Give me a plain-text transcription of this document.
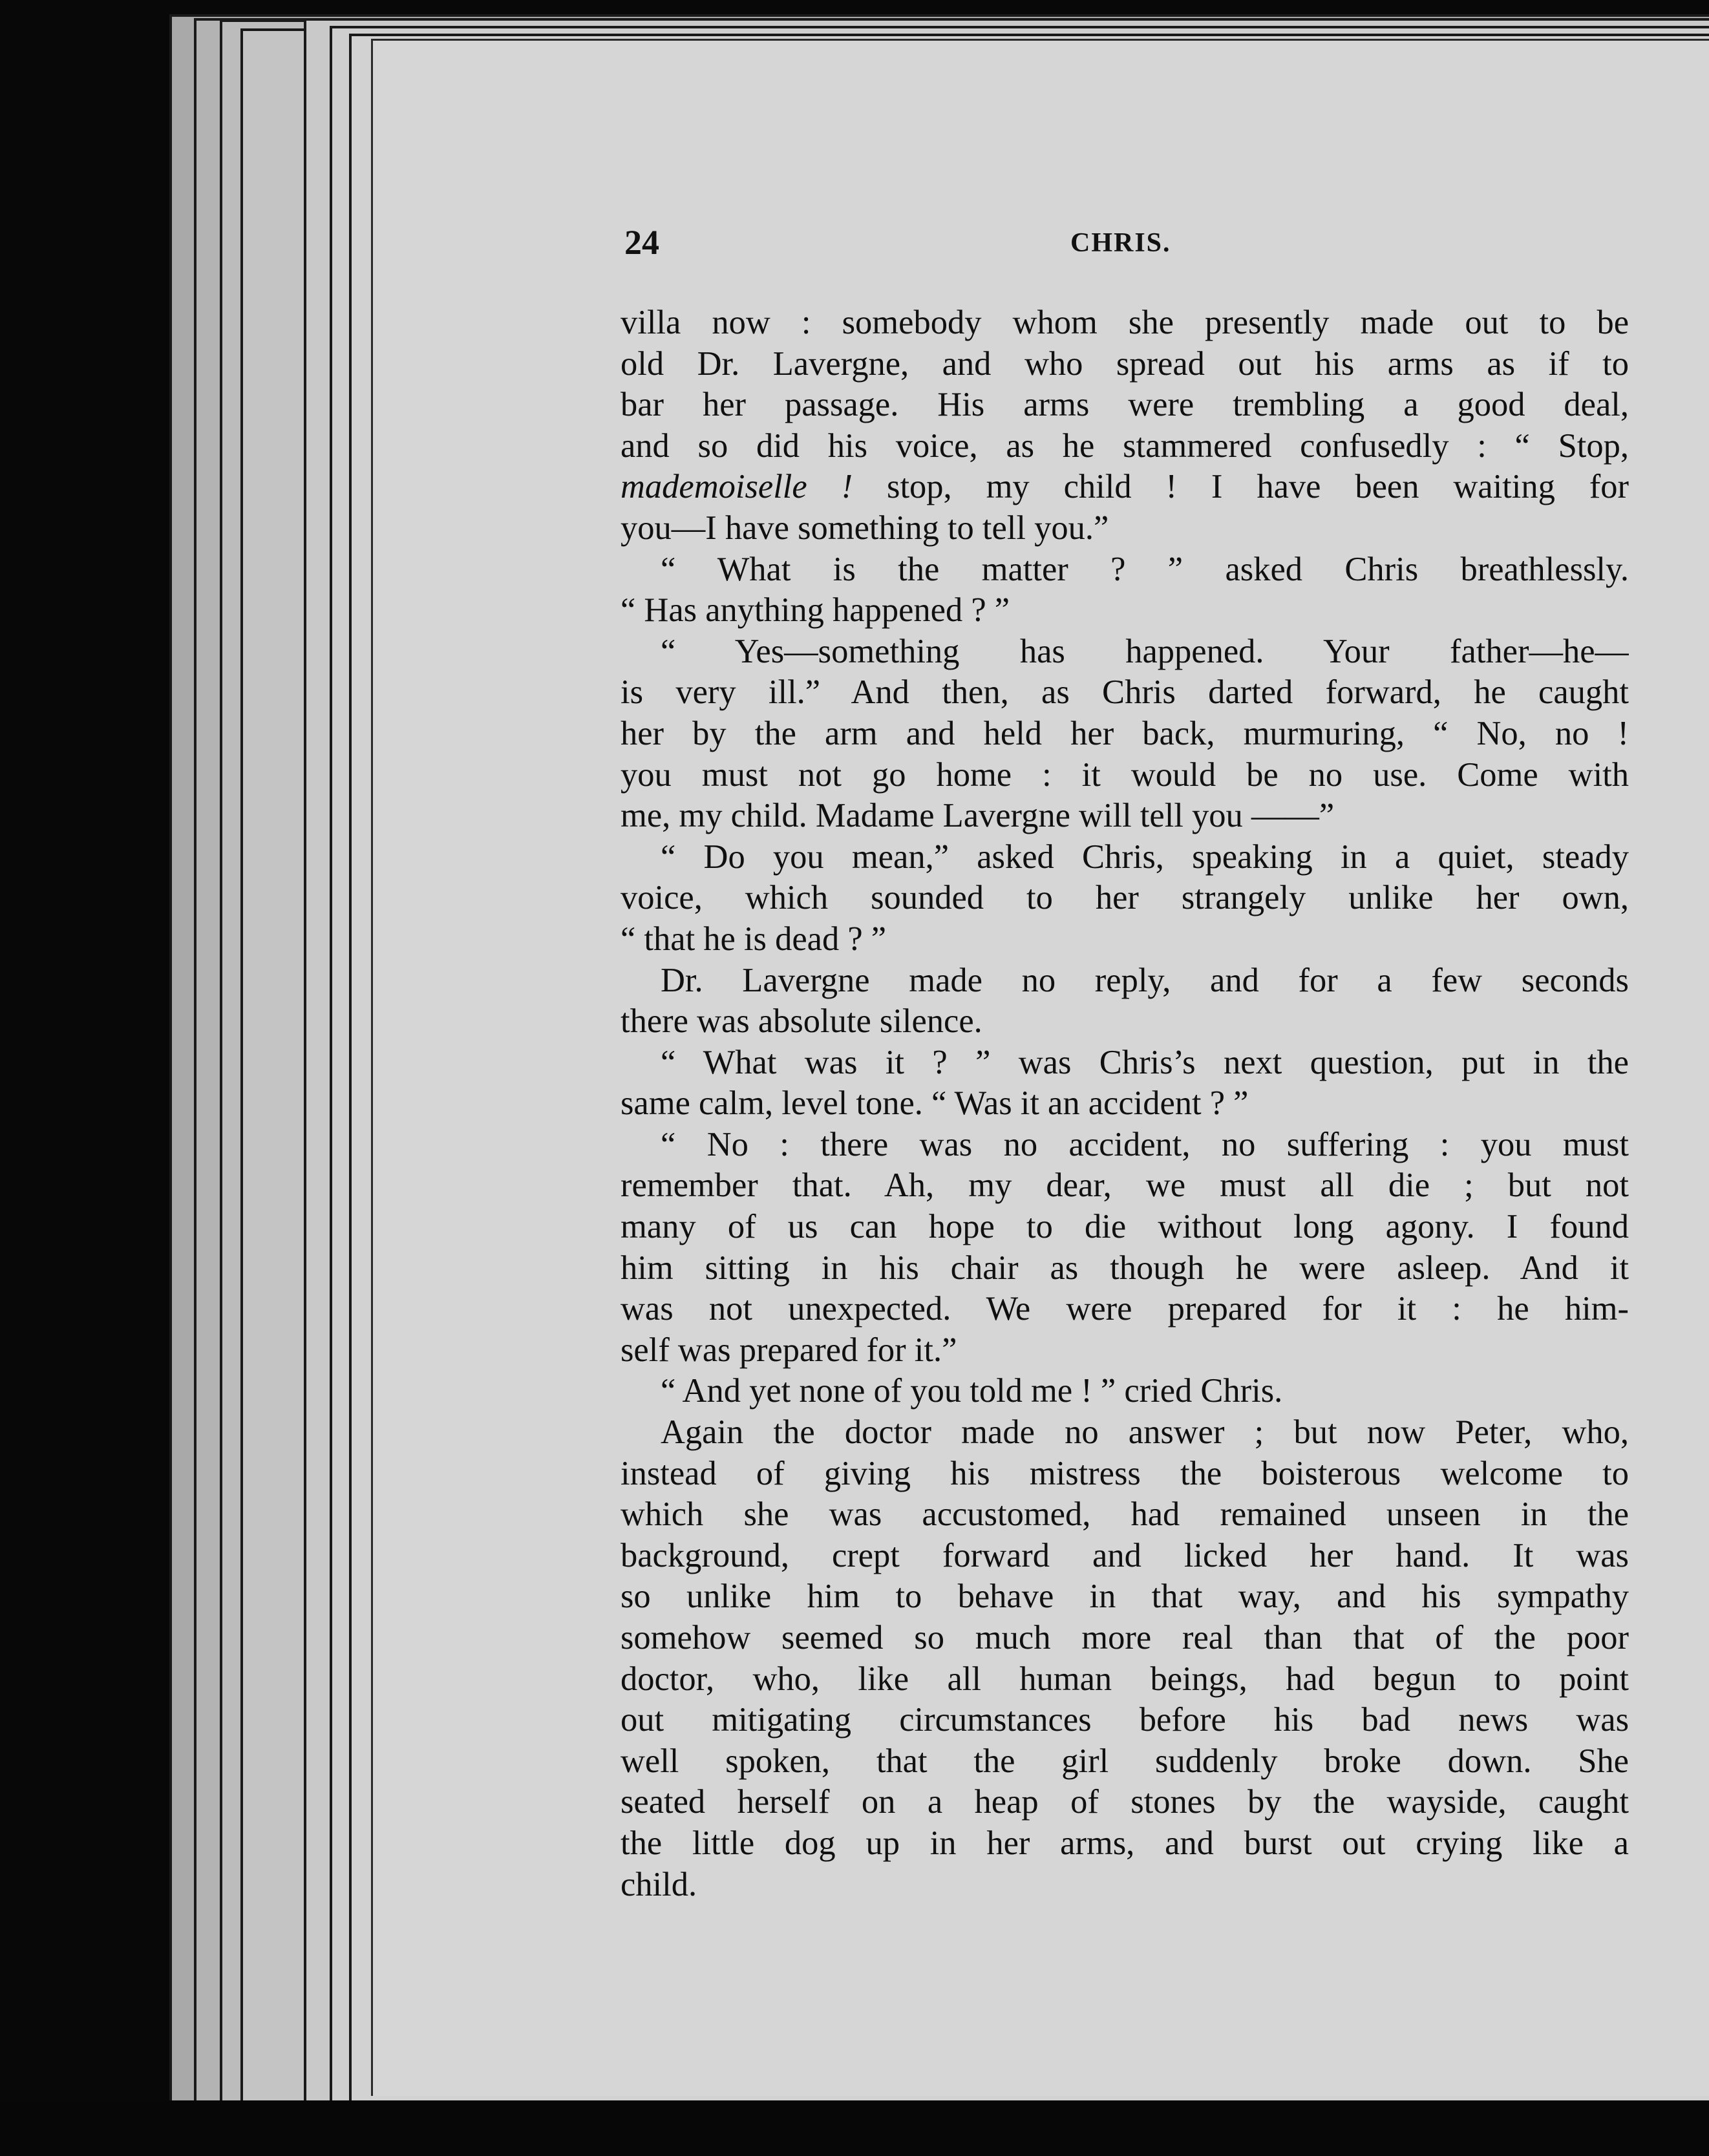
24	CHRIS.
villa now : somebody whom she presently made out to be
old Dr. Lavergne, and who spread out his arms as if to
bar her passage. His arms were trembling a good deal,
and so did his voice, as he stammered confusedly : “ Stop,
mademoiselle ! stop, my child ! I have been waiting for
you—I have something to tell you.”
“ What is the matter ? ” asked Chris breathlessly.
“ Has anything happened ? ”
“ Yes—something has happened. Your father—he—
is very ill.” And then, as Chris darted forward, he caught
her by the arm and held her back, murmuring, “ No, no !
you must not go home : it would be no use. Come with
me, my child. Madame Lavergne will tell you ——”
“ Do you mean,” asked Chris, speaking in a quiet, steady
voice, which sounded to her strangely unlike her own,
“ that he is dead ? ”
Dr. Lavergne made no reply, and for a few seconds
there was absolute silence.
“ What was it ? ” was Chris’s next question, put in the
same calm, level tone. “ Was it an accident ? ”
“ No : there was no accident, no suffering : you must
remember that. Ah, my dear, we must all die ; but not
many of us can hope to die without long agony. I found
him sitting in his chair as though he were asleep. And it
was not unexpected. We were prepared for it : he him-
self was prepared for it.”
“ And yet none of you told me ! ” cried Chris.
Again the doctor made no answer ; but now Peter, who,
instead of giving his mistress the boisterous welcome to
which she was accustomed, had remained unseen in the
background, crept forward and licked her hand. It was
so unlike him to behave in that way, and his sympathy
somehow seemed so much more real than that of the poor
doctor, who, like all human beings, had begun to point
out mitigating circumstances before his bad news was
well spoken, that the girl suddenly broke down. She
seated herself on a heap of stones by the wayside, caught
the little dog up in her arms, and burst out crying like a
child.
